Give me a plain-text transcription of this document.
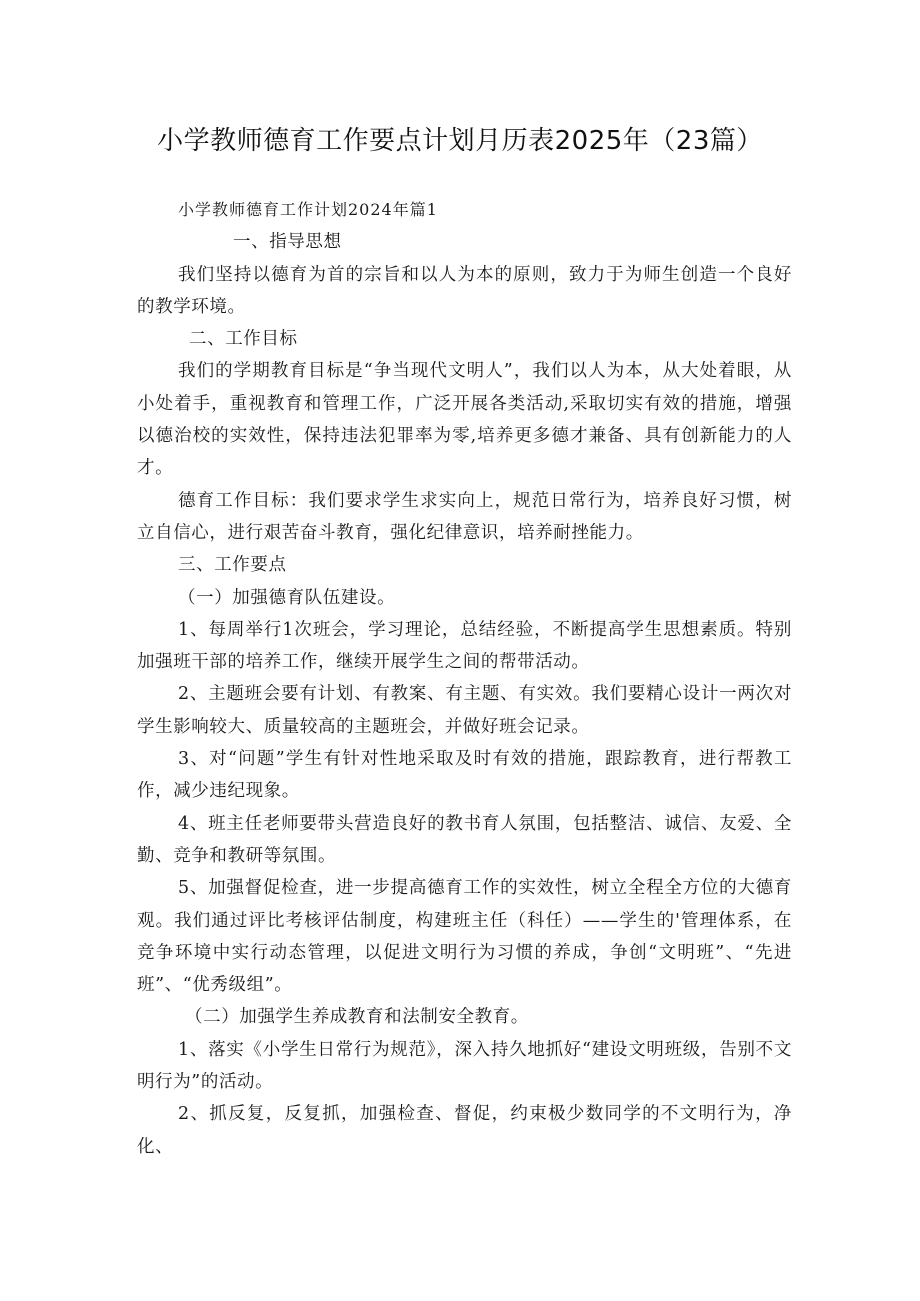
小学教师德育工作要点计划月历表2025年（23篇）

小学教师德育工作计划2024年篇1

一、指导思想

我们坚持以德育为首的宗旨和以人为本的原则，致力于为师生创造一个良好的教学环境。

二、工作目标

我们的学期教育目标是“争当现代文明人”，我们以人为本，从大处着眼，从小处着手，重视教育和管理工作，广泛开展各类活动,采取切实有效的措施，增强以德治校的实效性，保持违法犯罪率为零,培养更多德才兼备、具有创新能力的人才。

德育工作目标：我们要求学生求实向上，规范日常行为，培养良好习惯，树立自信心，进行艰苦奋斗教育，强化纪律意识，培养耐挫能力。

三、工作要点

（一）加强德育队伍建设。

1、每周举行1次班会，学习理论，总结经验，不断提高学生思想素质。特别加强班干部的培养工作，继续开展学生之间的帮带活动。

2、主题班会要有计划、有教案、有主题、有实效。我们要精心设计一两次对学生影响较大、质量较高的主题班会，并做好班会记录。

3、对“问题”学生有针对性地采取及时有效的措施，跟踪教育，进行帮教工作，减少违纪现象。

4、班主任老师要带头营造良好的教书育人氛围，包括整洁、诚信、友爱、全勤、竞争和教研等氛围。

5、加强督促检查，进一步提高德育工作的实效性，树立全程全方位的大德育观。我们通过评比考核评估制度，构建班主任（科任）——学生的'管理体系，在竞争环境中实行动态管理，以促进文明行为习惯的养成，争创“文明班”、“先进班”、“优秀级组”。

（二）加强学生养成教育和法制安全教育。

1、落实《小学生日常行为规范》，深入持久地抓好“建设文明班级，告别不文明行为”的活动。

2、抓反复，反复抓，加强检查、督促，约束极少数同学的不文明行为，净化、
